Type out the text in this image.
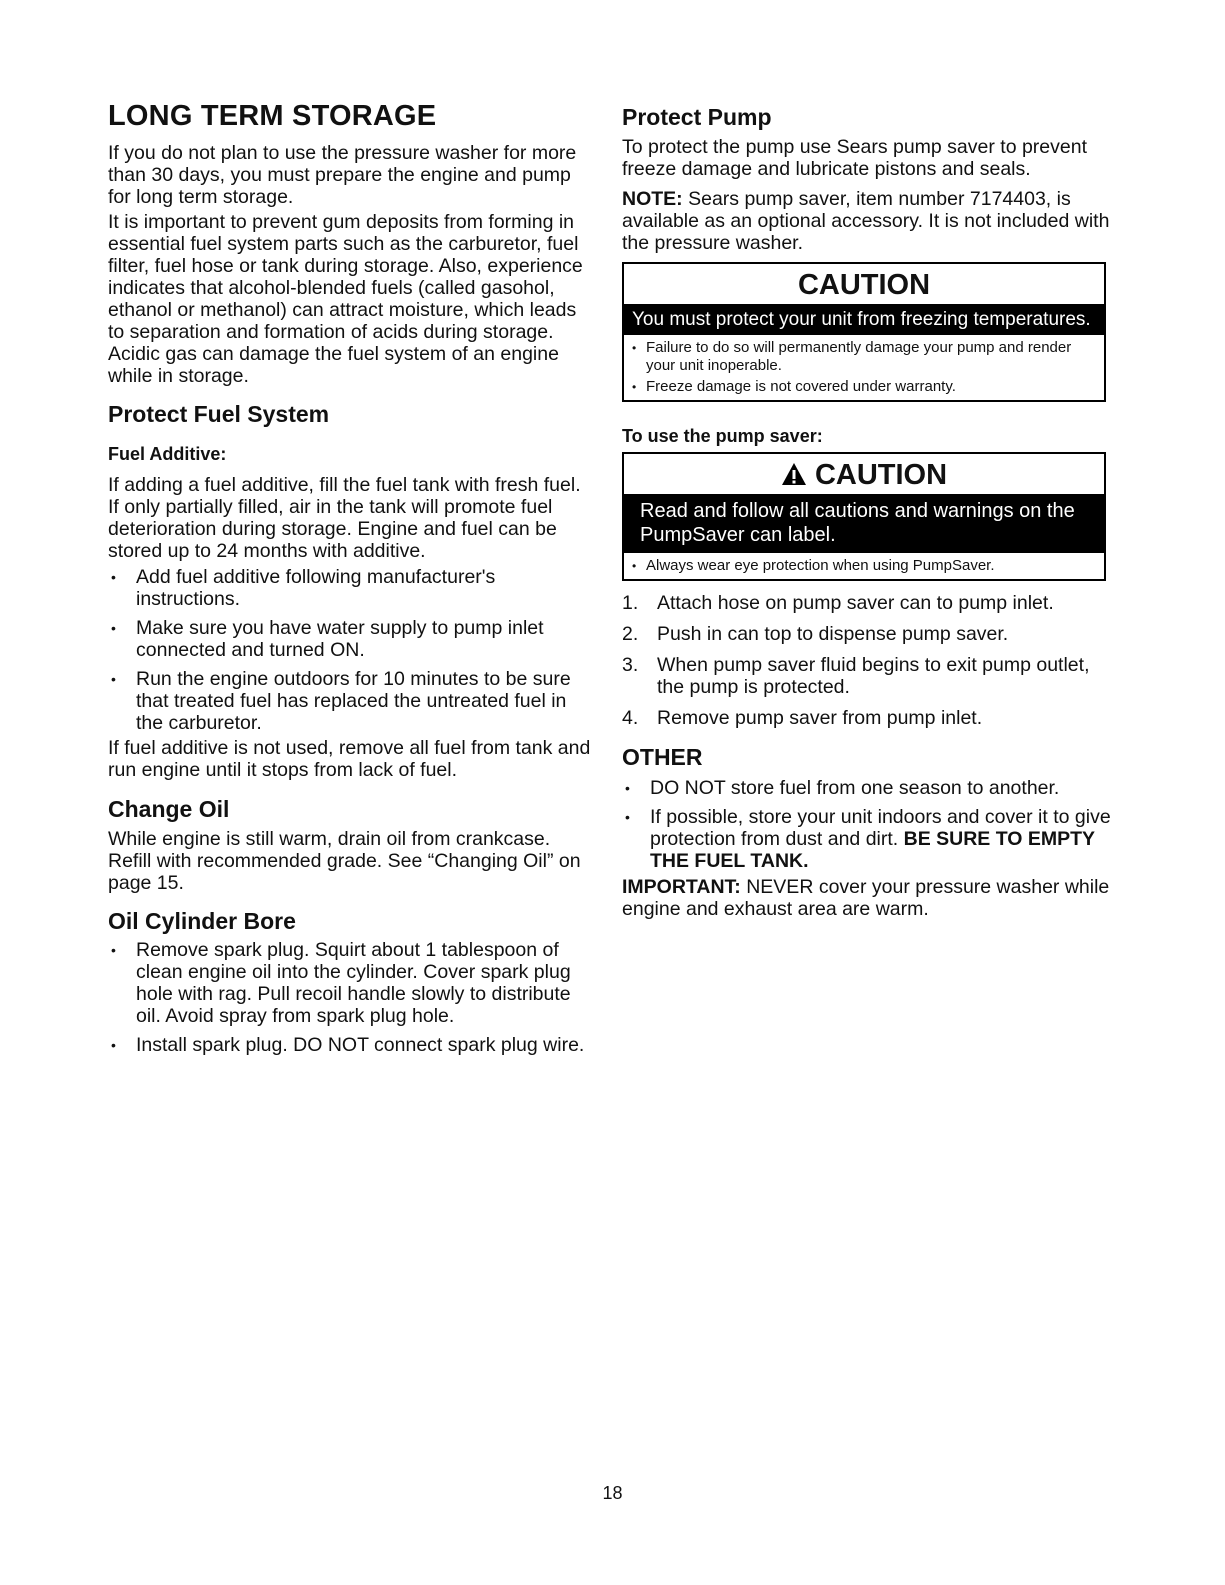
LONG TERM STORAGE

If you do not plan to use the pressure washer for more than 30 days, you must prepare the engine and pump for long term storage.

It is important to prevent gum deposits from forming in essential fuel system parts such as the carburetor, fuel filter, fuel hose or tank during storage. Also, experience indicates that alcohol-blended fuels (called gasohol, ethanol or methanol) can attract moisture, which leads to separation and formation of acids during storage. Acidic gas can damage the fuel system of an engine while in storage.

Protect Fuel System
Fuel Additive:

If adding a fuel additive, fill the fuel tank with fresh fuel. If only partially filled, air in the tank will promote fuel deterioration during storage. Engine and fuel can be stored up to 24 months with additive.

• Add fuel additive following manufacturer's instructions.
• Make sure you have water supply to pump inlet connected and turned ON.
• Run the engine outdoors for 10 minutes to be sure that treated fuel has replaced the untreated fuel in the carburetor.

If fuel additive is not used, remove all fuel from tank and run engine until it stops from lack of fuel.

Change Oil

While engine is still warm, drain oil from crankcase. Refill with recommended grade. See “Changing Oil” on page 15.

Oil Cylinder Bore
• Remove spark plug. Squirt about 1 tablespoon of clean engine oil into the cylinder. Cover spark plug hole with rag. Pull recoil handle slowly to distribute oil. Avoid spray from spark plug hole.
• Install spark plug. DO NOT connect spark plug wire.
Protect Pump

To protect the pump use Sears pump saver to prevent freeze damage and lubricate pistons and seals.

NOTE: Sears pump saver, item number 7174403, is available as an optional accessory. It is not included with the pressure washer.

CAUTION
You must protect your unit from freezing temperatures.
• Failure to do so will permanently damage your pump and render your unit inoperable.
• Freeze damage is not covered under warranty.
To use the pump saver:
CAUTION
Read and follow all cautions and warnings on the PumpSaver can label.
• Always wear eye protection when using PumpSaver.
1. Attach hose on pump saver can to pump inlet.
2. Push in can top to dispense pump saver.
3. When pump saver fluid begins to exit pump outlet, the pump is protected.
4. Remove pump saver from pump inlet.
OTHER
• DO NOT store fuel from one season to another.
• If possible, store your unit indoors and cover it to give protection from dust and dirt. BE SURE TO EMPTY THE FUEL TANK.

IMPORTANT: NEVER cover your pressure washer while engine and exhaust area are warm.

18
